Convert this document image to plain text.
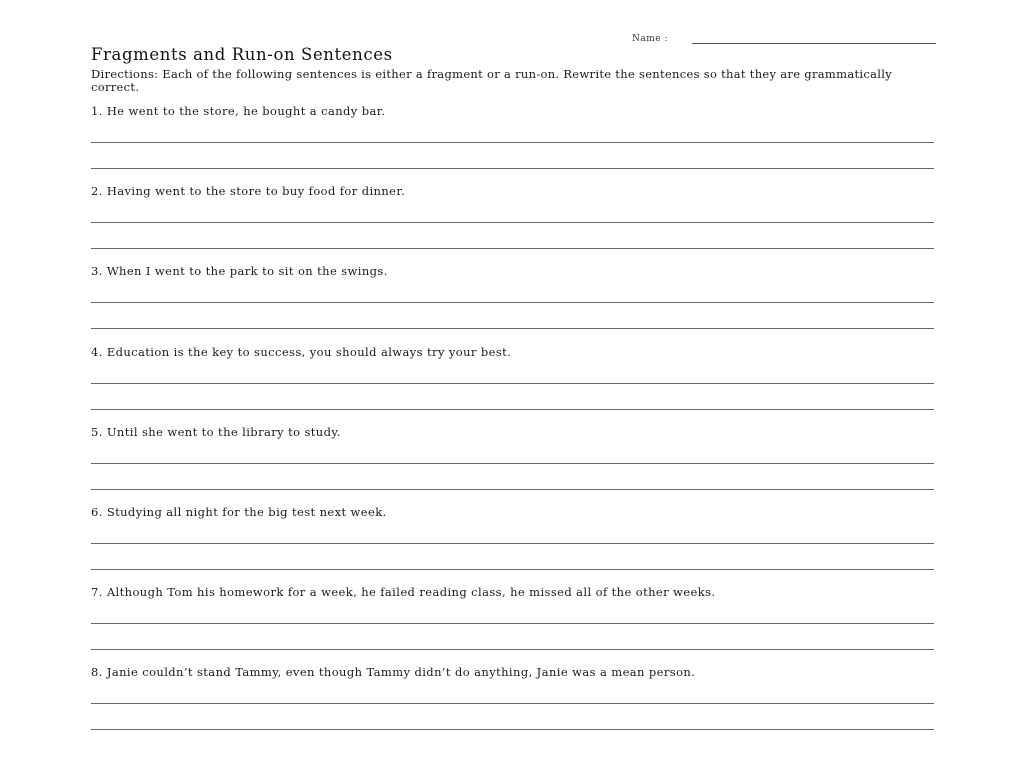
Name :
Fragments and Run-on Sentences

Directions: Each of the following sentences is either a fragment or a run-on. Rewrite the sentences so that they are grammatically correct.

1. He went to the store, he bought a candy bar.
2. Having went to the store to buy food for dinner.
3. When I went to the park to sit on the swings.
4. Education is the key to success, you should always try your best.
5. Until she went to the library to study.
6. Studying all night for the big test next week.
7. Although Tom his homework for a week, he failed reading class, he missed all of the other weeks.
8. Janie couldn’t stand Tammy, even though Tammy didn’t do anything, Janie was a mean person.
